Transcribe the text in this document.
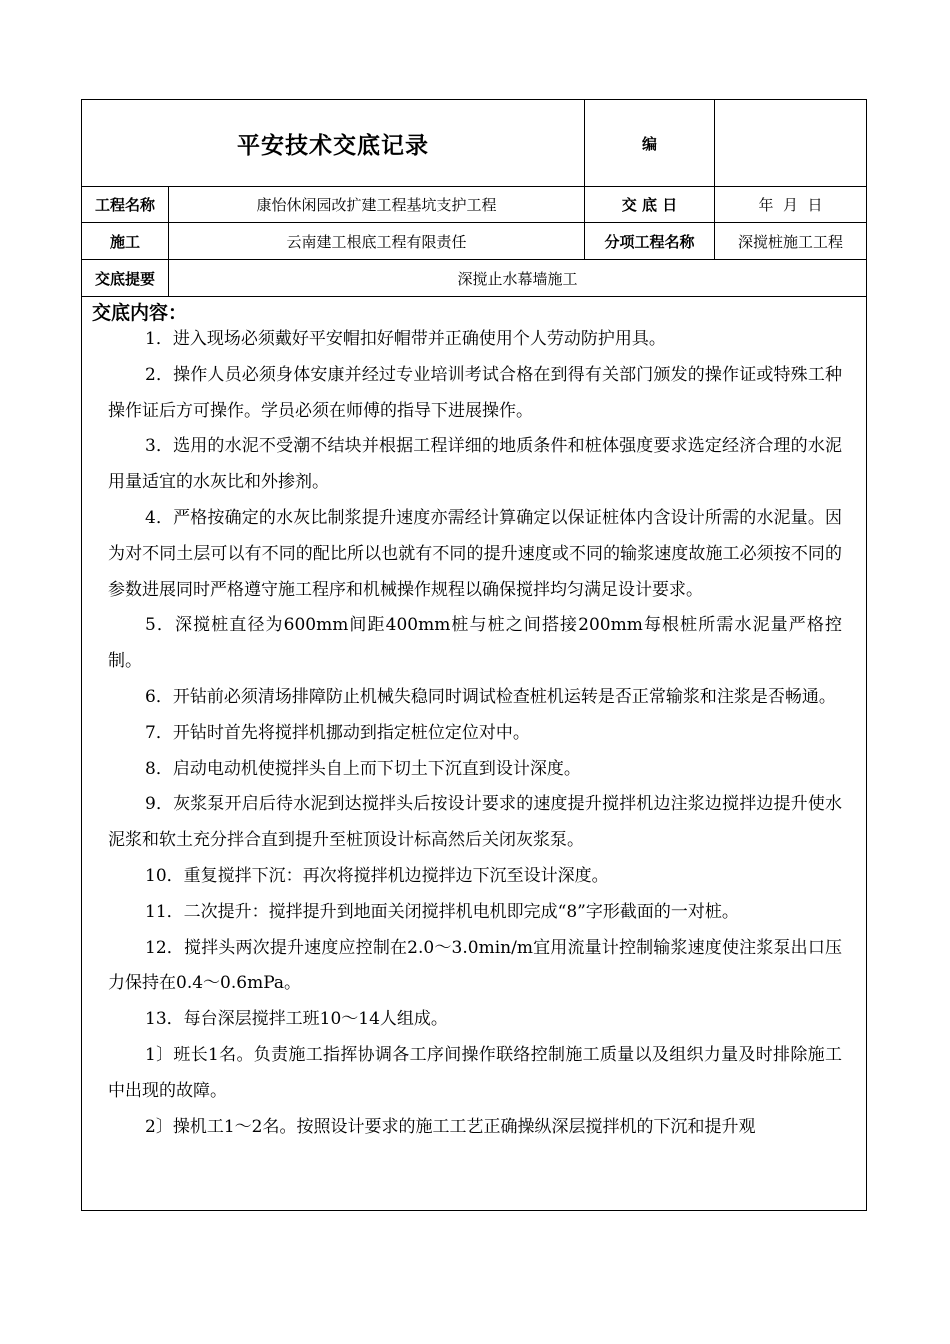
平安技术交底记录	编
工程名称	康怡休闲园改扩建工程基坑支护工程	交 底 日	年  月  日
施工	云南建工根底工程有限责任	分项工程名称	深搅桩施工工程
交底提要	深搅止水幕墙施工
交底内容：

1．进入现场必须戴好平安帽扣好帽带并正确使用个人劳动防护用具。

2．操作人员必须身体安康并经过专业培训考试合格在到得有关部门颁发的操作证或特殊工种操作证后方可操作。学员必须在师傅的指导下进展操作。

3．选用的水泥不受潮不结块并根据工程详细的地质条件和桩体强度要求选定经济合理的水泥用量适宜的水灰比和外掺剂。

4．严格按确定的水灰比制浆提升速度亦需经计算确定以保证桩体内含设计所需的水泥量。因为对不同土层可以有不同的配比所以也就有不同的提升速度或不同的输浆速度故施工必须按不同的参数进展同时严格遵守施工程序和机械操作规程以确保搅拌均匀满足设计要求。

5．深搅桩直径为600mm间距400mm桩与桩之间搭接200mm每根桩所需水泥量严格控制。

6．开钻前必须清场排障防止机械失稳同时调试检查桩机运转是否正常输浆和注浆是否畅通。

7．开钻时首先将搅拌机挪动到指定桩位定位对中。

8．启动电动机使搅拌头自上而下切土下沉直到设计深度。

9．灰浆泵开启后待水泥到达搅拌头后按设计要求的速度提升搅拌机边注浆边搅拌边提升使水泥浆和软土充分拌合直到提升至桩顶设计标高然后关闭灰浆泵。

10．重复搅拌下沉：再次将搅拌机边搅拌边下沉至设计深度。

11．二次提升：搅拌提升到地面关闭搅拌机电机即完成“8”字形截面的一对桩。

12．搅拌头两次提升速度应控制在2.0～3.0min/m宜用流量计控制输浆速度使注浆泵出口压力保持在0.4～0.6mPa。

13．每台深层搅拌工班10～14人组成。

1〕班长1名。负责施工指挥协调各工序间操作联络控制施工质量以及组织力量及时排除施工中出现的故障。

2〕操机工1～2名。按照设计要求的施工工艺正确操纵深层搅拌机的下沉和提升观
